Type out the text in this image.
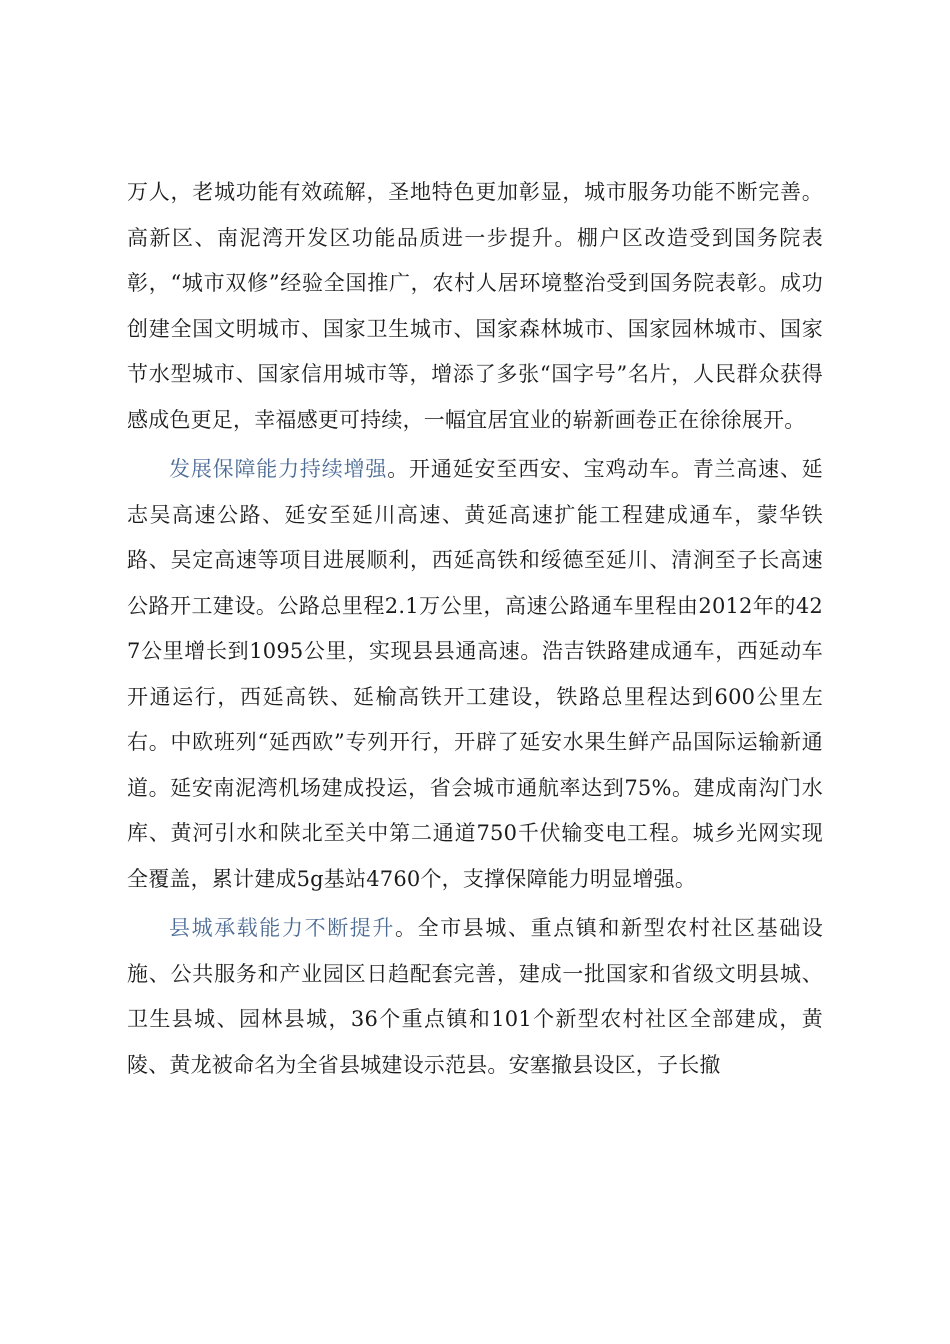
万人，老城功能有效疏解，圣地特色更加彰显，城市服务功能不断完善。高新区、南泥湾开发区功能品质进一步提升。棚户区改造受到国务院表彰，“城市双修”经验全国推广，农村人居环境整治受到国务院表彰。成功创建全国文明城市、国家卫生城市、国家森林城市、国家园林城市、国家节水型城市、国家信用城市等，增添了多张“国字号”名片，人民群众获得感成色更足，幸福感更可持续，一幅宜居宜业的崭新画卷正在徐徐展开。

发展保障能力持续增强。开通延安至西安、宝鸡动车。青兰高速、延志吴高速公路、延安至延川高速、黄延高速扩能工程建成通车，蒙华铁路、吴定高速等项目进展顺利，西延高铁和绥德至延川、清涧至子长高速公路开工建设。公路总里程2.1万公里，高速公路通车里程由2012年的427公里增长到1095公里，实现县县通高速。浩吉铁路建成通车，西延动车开通运行，西延高铁、延榆高铁开工建设，铁路总里程达到600公里左右。中欧班列“延西欧”专列开行，开辟了延安水果生鲜产品国际运输新通道。延安南泥湾机场建成投运，省会城市通航率达到75%。建成南沟门水库、黄河引水和陕北至关中第二通道750千伏输变电工程。城乡光网实现全覆盖，累计建成5g基站4760个，支撑保障能力明显增强。

县城承载能力不断提升。全市县城、重点镇和新型农村社区基础设施、公共服务和产业园区日趋配套完善，建成一批国家和省级文明县城、卫生县城、园林县城，36个重点镇和101个新型农村社区全部建成，黄陵、黄龙被命名为全省县城建设示范县。安塞撤县设区，子长撤
